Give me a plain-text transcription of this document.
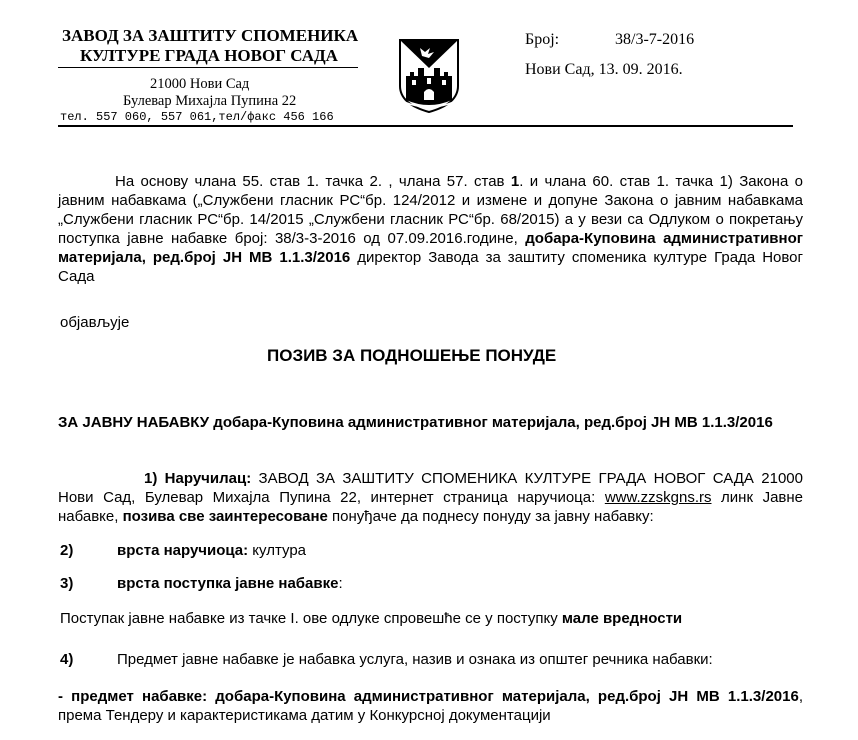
ЗАВОД ЗА ЗАШТИТУ СПОМЕНИКА
КУЛТУРЕ ГРАДА НОВОГ САДА
21000 Нови Сад
Булевар Михајла Пупина 22
тел. 557 060, 557 061,тел/факс 456 166
Број:	38/3-7-2016
Нови Сад, 13. 09. 2016.
На основу члана 55. став 1. тачка 2. , члана 57. став 1. и члана 60. став 1. тачка 1) Закона о јавним набавкама („Службени гласник РС“бр. 124/2012 и измене и допуне Закона о јавним набавкама „Службени гласник РС“бр. 14/2015 „Службени гласник РС“бр. 68/2015) а у вези са Одлуком о покретању поступка јавне набавке број: 38/3-3-2016 од 07.09.2016.године, добара-Куповина административног материјала, ред.број ЈН МВ 1.1.3/2016 директор Завода за заштиту споменика културе Града Новог Сада
објављује
ПОЗИВ ЗА ПОДНОШЕЊЕ ПОНУДЕ
ЗА ЈАВНУ НАБАВКУ добара-Куповина административног материјала, ред.број ЈН МВ 1.1.3/2016
1) Наручилац: ЗАВОД ЗА ЗАШТИТУ СПОМЕНИКА КУЛТУРЕ ГРАДА НОВОГ САДА 21000 Нови Сад, Булевар Михајла Пупина 22, интернет страница наручиоца: www.zzskgns.rs линк Јавне набавке, позива све заинтересоване понуђаче да поднесу понуду за јавну набавку:
2)	врста наручиоца: култура
3)	врста поступка јавне набавке:
Поступак јавне набавке из тачке I. ове одлуке спровешће се у поступку мале вредности
4)	Предмет јавне набавке је набавка услуга, назив и ознака из општег речника набавки:
- предмет набавке: добара-Куповина административног материјала, ред.број ЈН МВ 1.1.3/2016, према Тендеру и карактеристикама датим у Конкурсној документацији
